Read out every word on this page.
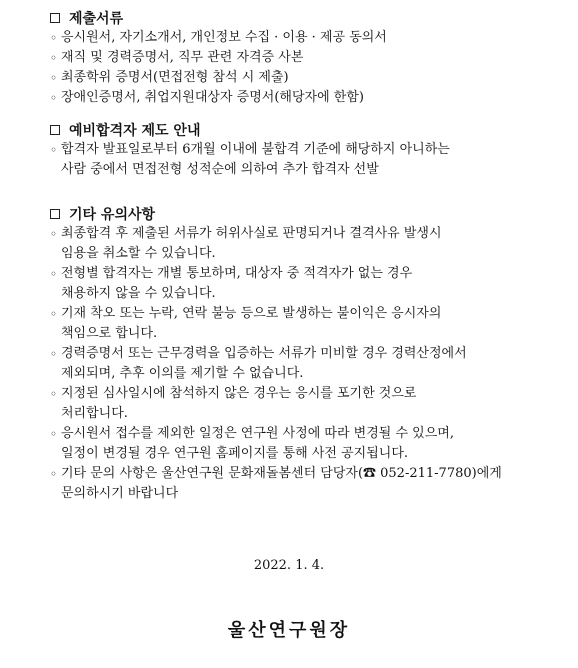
제출서류
◦ 응시원서, 자기소개서, 개인정보 수집 · 이용 · 제공 동의서
◦ 재직 및 경력증명서, 직무 관련 자격증 사본
◦ 최종학위 증명서(면접전형 참석 시 제출)
◦ 장애인증명서, 취업지원대상자 증명서(해당자에 한함)
예비합격자 제도 안내
◦ 합격자 발표일로부터 6개월 이내에 불합격 기준에 해당하지 아니하는
사람 중에서 면접전형 성적순에 의하여 추가 합격자 선발
기타 유의사항
◦ 최종합격 후 제출된 서류가 허위사실로 판명되거나 결격사유 발생시
임용을 취소할 수 있습니다.
◦ 전형별 합격자는 개별 통보하며, 대상자 중 적격자가 없는 경우
채용하지 않을 수 있습니다.
◦ 기재 착오 또는 누락, 연락 불능 등으로 발생하는 불이익은 응시자의
책임으로 합니다.
◦ 경력증명서 또는 근무경력을 입증하는 서류가 미비할 경우 경력산정에서
제외되며, 추후 이의를 제기할 수 없습니다.
◦ 지정된 심사일시에 참석하지 않은 경우는 응시를 포기한 것으로
처리합니다.
◦ 응시원서 접수를 제외한 일정은 연구원 사정에 따라 변경될 수 있으며,
일정이 변경될 경우 연구원 홈페이지를 통해 사전 공지됩니다.
◦ 기타 문의 사항은 울산연구원 문화재돌봄센터 담당자(☎ 052-211-7780)에게
문의하시기 바랍니다
2022. 1. 4.
울산연구원장
